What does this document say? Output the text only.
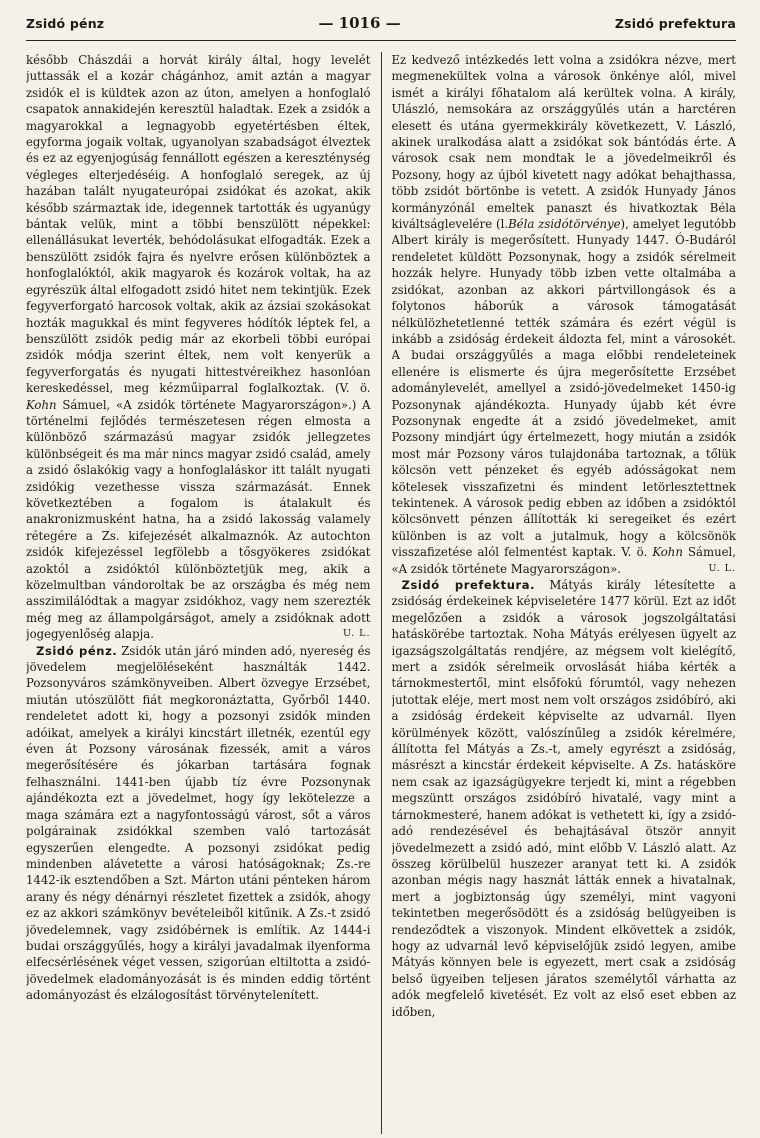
Zsidó pénz	— 1016 —	Zsidó prefektura

később Chászdái a horvát király által, hogy levelét juttassák el a kozár chágánhoz, amit aztán a magyar zsidók el is küldtek azon az úton, amelyen a honfoglaló csapatok annakidején keresztül haladtak. Ezek a zsidók a magyarokkal a legnagyobb egyetértésben éltek, egyforma jogaik voltak, ugyanolyan szabadságot élveztek és ez az egyenjogúság fennállott egészen a kereszténység végleges elterjedéséig. A honfoglaló seregek, az új hazában talált nyugateurópai zsidókat és azokat, akik később származtak ide, idegennek tartották és ugyanúgy bántak velük, mint a többi benszülött népekkel: ellenállásukat leverték, behódolásukat elfogadták. Ezek a benszülött zsidók fajra és nyelvre erősen különböztek a honfoglalóktól, akik magyarok és kozárok voltak, ha az egyrészük által elfogadott zsidó hitet nem tekintjük. Ezek fegyverforgató harcosok voltak, akik az ázsiai szokásokat hozták magukkal és mint fegyveres hódítók léptek fel, a benszülött zsidók pedig már az ekorbeli többi európai zsidók módja szerint éltek, nem volt kenyerük a fegyverforgatás és nyugati hittestvéreikhez hasonlóan kereskedéssel, meg kézműiparral foglalkoztak. (V. ö. Kohn Sámuel, «A zsidók története Magyarországon».) A történelmi fejlődés természetesen régen elmosta a különböző származású magyar zsidók jellegzetes különbségeit és ma már nincs magyar zsidó család, amely a zsidó őslakókig vagy a honfoglaláskor itt talált nyugati zsidókig vezethesse vissza származását. Ennek következtében a fogalom is átalakult és anakronizmusként hatna, ha a zsidó lakosság valamely rétegére a Zs. kifejezését alkalmaznók. Az autochton zsidók kifejezéssel legfölebb a tősgyökeres zsidókat azoktól a zsidóktól különböztetjük meg, akik a közelmultban vándoroltak be az országba és még nem asszimilálódtak a magyar zsidókhoz, vagy nem szerezték még meg az állampolgárságot, amely a zsidóknak adott jogegyenlőség alapja.	U. L.

Zsidó pénz. Zsidók után járó minden adó, nyereség és jövedelem megjelöléseként használták 1442. Pozsonyváros számkönyveiben. Albert özvegye Erzsébet, miután utószülött fiát megkoronáztatta, Győrből 1440. rendeletet adott ki, hogy a pozsonyi zsidók minden adóikat, amelyek a királyi kincstárt illetnék, ezentúl egy éven át Pozsony városának fizessék, amit a város megerősítésére és jókarban tartására fognak felhasználni. 1441-ben újabb tíz évre Pozsonynak ajándékozta ezt a jövedelmet, hogy így lekötelezze a maga számára ezt a nagyfontosságú várost, sőt a város polgárainak zsidókkal szemben való tartozását egyszerűen elengedte. A pozsonyi zsidókat pedig mindenben alávetette a városi hatóságoknak; Zs.-re 1442-ik esztendőben a Szt. Márton utáni pénteken három arany és négy dénárnyi részletet fizettek a zsidók, ahogy ez az akkori számkönyv bevételeiből kitűnik. A Zs.-t zsidó jövedelemnek, vagy zsidóbérnek is említik. Az 1444-i budai országgyűlés, hogy a királyi javadalmak ilyenforma elfecsérlésének véget vessen, szigorúan eltiltotta a zsidó-jövedelmek eladományozását is és minden eddig történt adományozást és elzálogosítást törvénytelenített.

Ez kedvező intézkedés lett volna a zsidókra nézve, mert megmenekültek volna a városok önkénye alól, mivel ismét a királyi főhatalom alá kerültek volna. A király, Ulászló, nemsokára az országgyűlés után a harctéren elesett és utána gyermekkirály következett, V. László, akinek uralkodása alatt a zsidókat sok bántódás érte. A városok csak nem mondtak le a jövedelmeikről és Pozsony, hogy az újból kivetett nagy adókat behajthassa, több zsidót börtönbe is vetett. A zsidók Hunyady János kormányzónál emeltek panaszt és hivatkoztak Béla kiváltságlevelére (l.Béla zsidótörvénye), amelyet legutóbb Albert király is megerősített. Hunyady 1447. Ó-Budáról rendeletet küldött Pozsonynak, hogy a zsidók sérelmeit hozzák helyre. Hunyady több izben vette oltalmába a zsidókat, azonban az akkori pártvillongások és a folytonos háborúk a városok támogatását nélkülözhetetlenné tették számára és ezért végül is inkább a zsidóság érdekeit áldozta fel, mint a városokét. A budai országgyűlés a maga előbbi rendeleteinek ellenére is elismerte és újra megerősítette Erzsébet adománylevelét, amellyel a zsidó-jövedelmeket 1450-ig Pozsonynak ajándékozta. Hunyady újabb két évre Pozsonynak engedte át a zsidó jövedelmeket, amit Pozsony mindjárt úgy értelmezett, hogy miután a zsidók most már Pozsony város tulajdonába tartoznak, a tőlük kölcsön vett pénzeket és egyéb adósságokat nem kötelesek visszafizetni és mindent letörlesztettnek tekintenek. A városok pedig ebben az időben a zsidóktól kölcsönvett pénzen állították ki seregeiket és ezért különben is az volt a jutalmuk, hogy a kölcsönök visszafizetése alól felmentést kaptak. V. ö. Kohn Sámuel, «A zsidók története Magyarországon».	U. L.

Zsidó prefektura. Mátyás király létesítette a zsidóság érdekeinek képviseletére 1477 körül. Ezt az időt megelőzően a zsidók a városok jogszolgáltatási hatáskörébe tartoztak. Noha Mátyás erélyesen ügyelt az igazságszolgáltatás rendjére, az mégsem volt kielégítő, mert a zsidók sérelmeik orvoslását hiába kérték a tárnokmestertől, mint elsőfokú fórumtól, vagy nehezen jutottak eléje, mert most nem volt országos zsidóbíró, aki a zsidóság érdekeit képviselte az udvarnál. Ilyen körülmények között, valószínűleg a zsidók kérelmére, állította fel Mátyás a Zs.-t, amely egyrészt a zsidóság, másrészt a kincstár érdekeit képviselte. A Zs. hatásköre nem csak az igazságügyekre terjedt ki, mint a régebben megszüntt országos zsidóbíró hivatalé, vagy mint a tárnokmesteré, hanem adókat is vethetett ki, így a zsidó-adó rendezésével és behajtásával ötször annyit jövedelmezett a zsidó adó, mint előbb V. László alatt. Az összeg körülbelül huszezer aranyat tett ki. A zsidók azonban mégis nagy hasznát látták ennek a hivatalnak, mert a jogbiztonság úgy személyi, mint vagyoni tekintetben megerősödött és a zsidóság belügyeiben is rendeződtek a viszonyok. Mindent elkövettek a zsidók, hogy az udvarnál levő képviselőjük zsidó legyen, amibe Mátyás könnyen bele is egyezett, mert csak a zsidóság belső ügyeiben teljesen járatos személytől várhatta az adók megfelelő kivetését. Ez volt az első eset ebben az időben,
